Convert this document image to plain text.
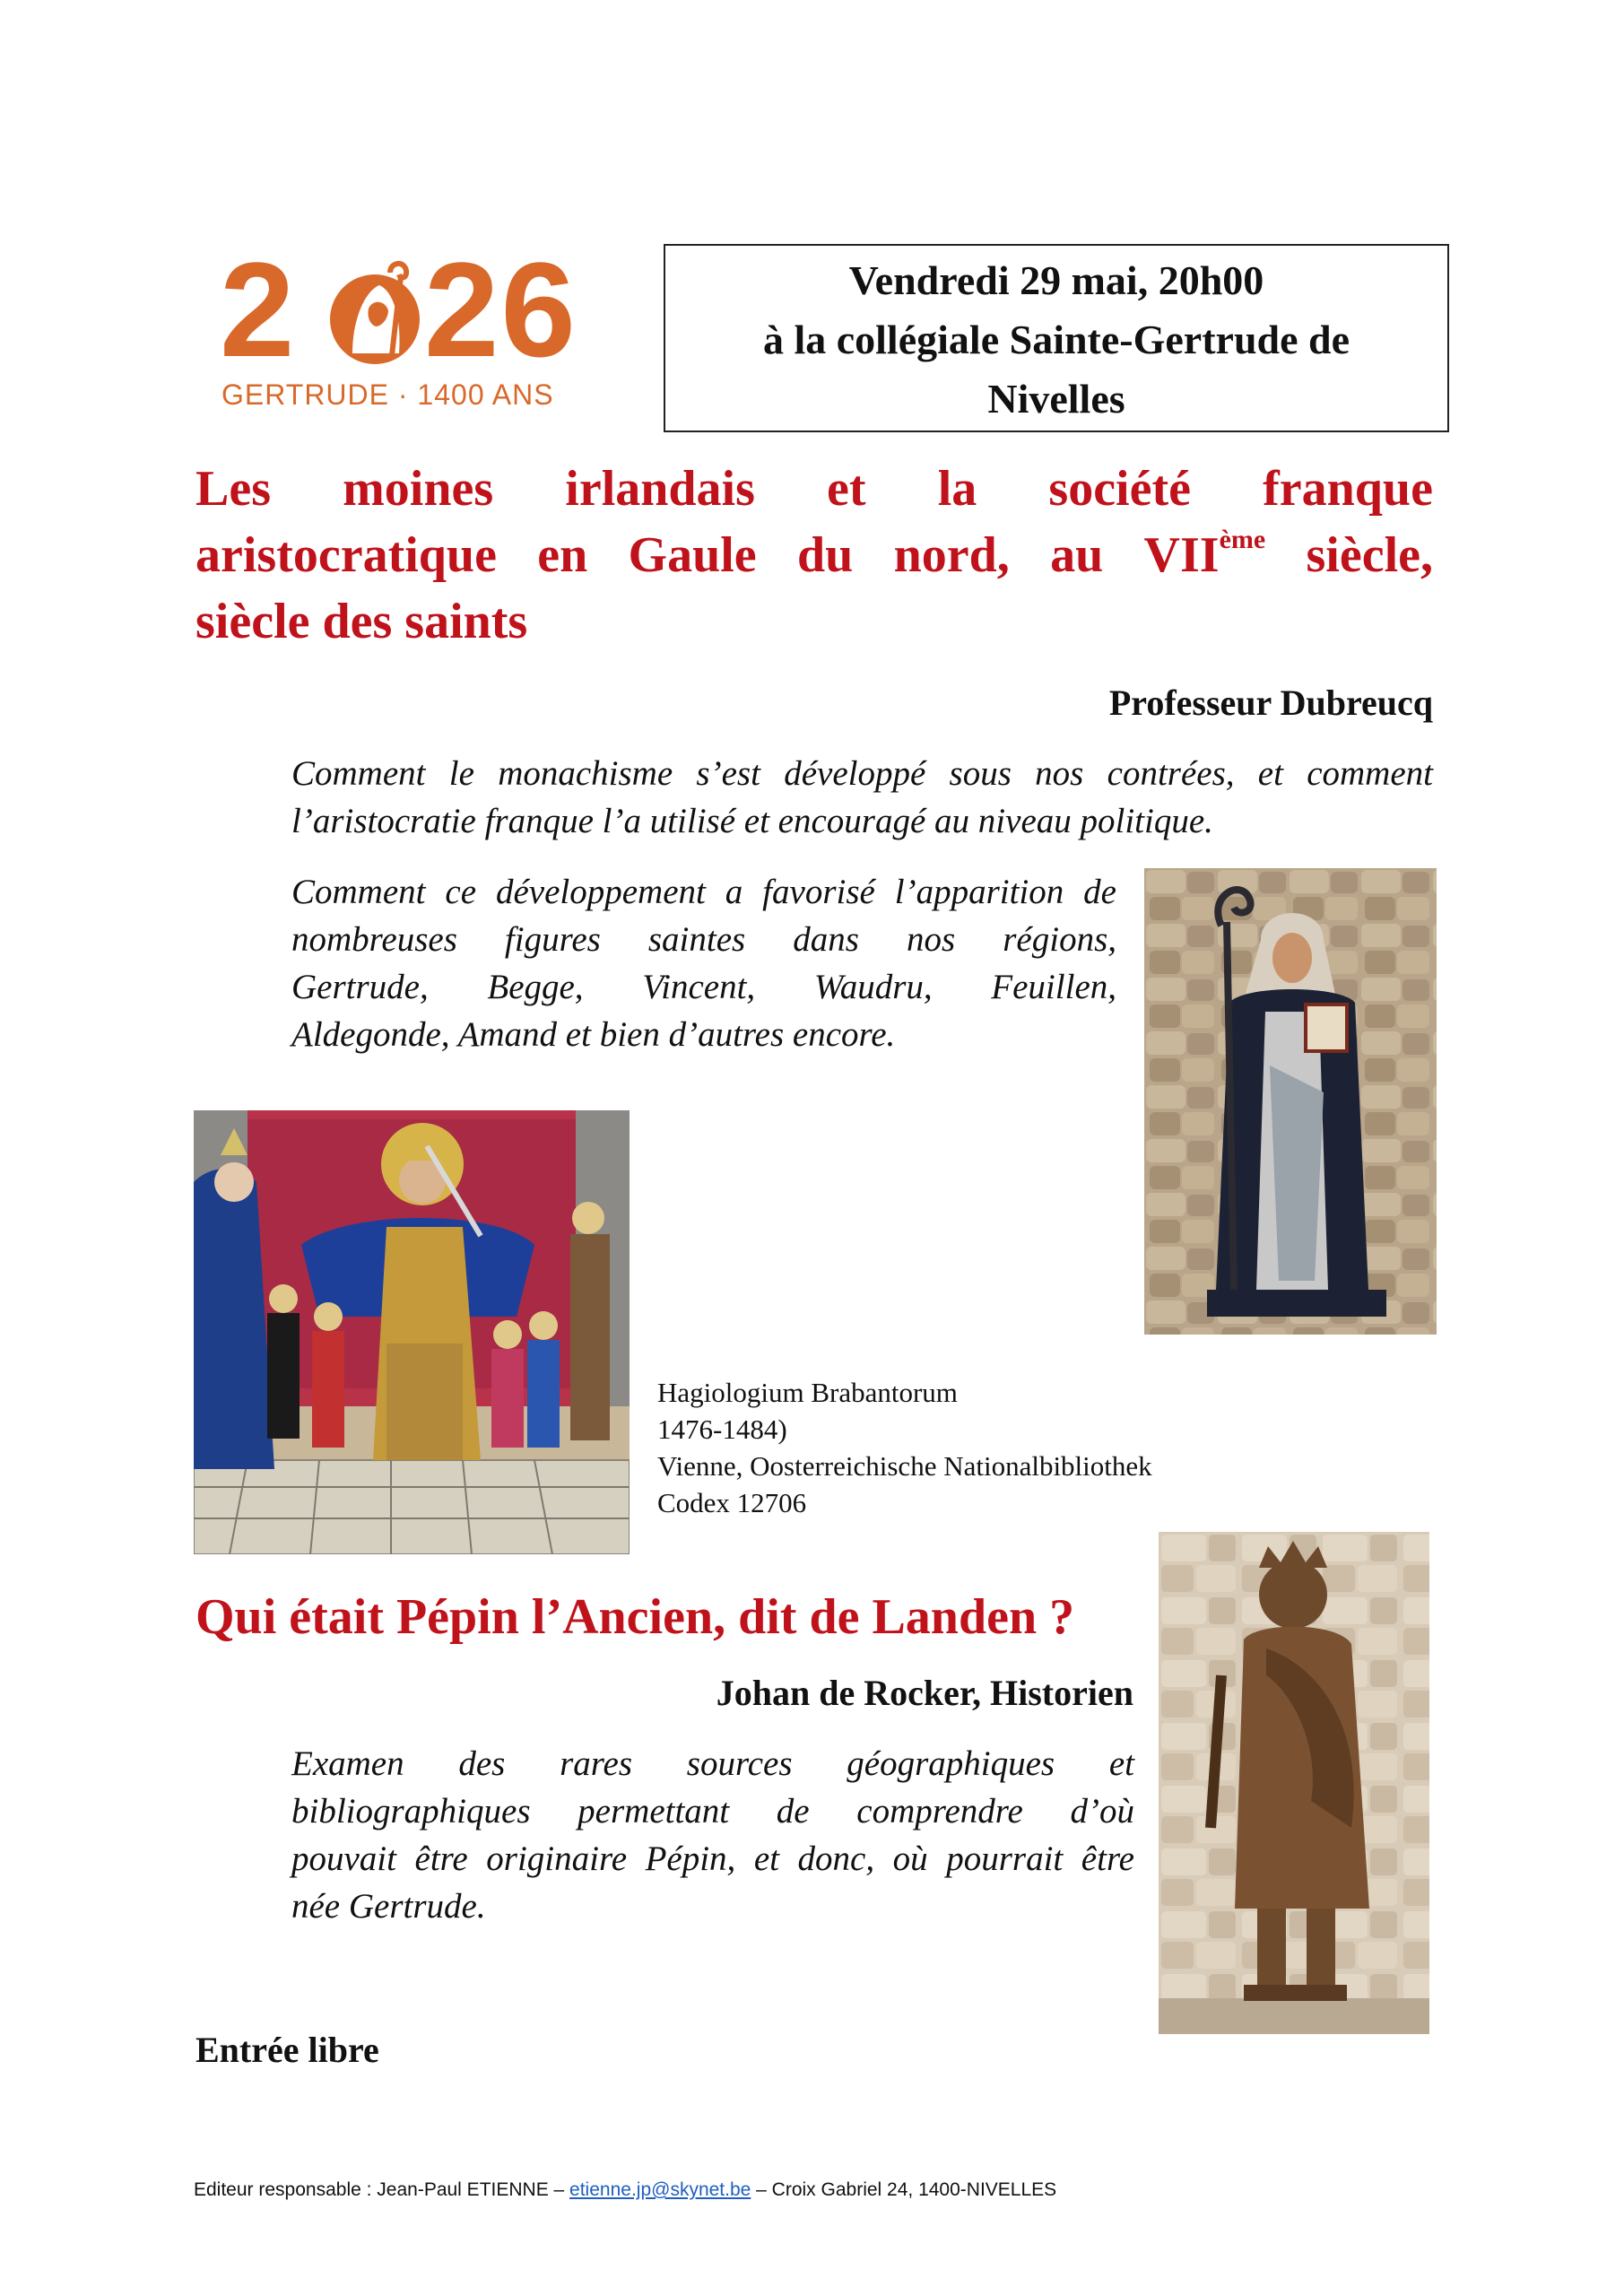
2 26
GERTRUDE · 1400 ANS
Vendredi 29 mai, 20h00
à la collégiale Sainte-Gertrude de
Nivelles
Les moines irlandais et la société franque
aristocratique en Gaule du nord, au VIIème siècle,
siècle des saints
Professeur Dubreucq
Comment le monachisme s’est développé sous nos contrées, et comment l’aristocratie franque l’a utilisé et encouragé au niveau politique.
Comment ce développement a favorisé l’apparition de
nombreuses figures saintes dans nos régions,
Gertrude, Begge, Vincent, Waudru, Feuillen,
Aldegonde, Amand et bien d’autres encore.
Hagiologium Brabantorum
1476-1484)
Vienne, Oosterreichische Nationalbibliothek
Codex 12706
Qui était Pépin l’Ancien, dit de Landen ?
Johan de Rocker, Historien
Examen des rares sources géographiques et
bibliographiques permettant de comprendre d’où
pouvait être originaire Pépin, et donc, où pourrait être
née Gertrude.
Entrée libre
Editeur responsable : Jean-Paul ETIENNE – etienne.jp@skynet.be – Croix Gabriel 24, 1400-NIVELLES
